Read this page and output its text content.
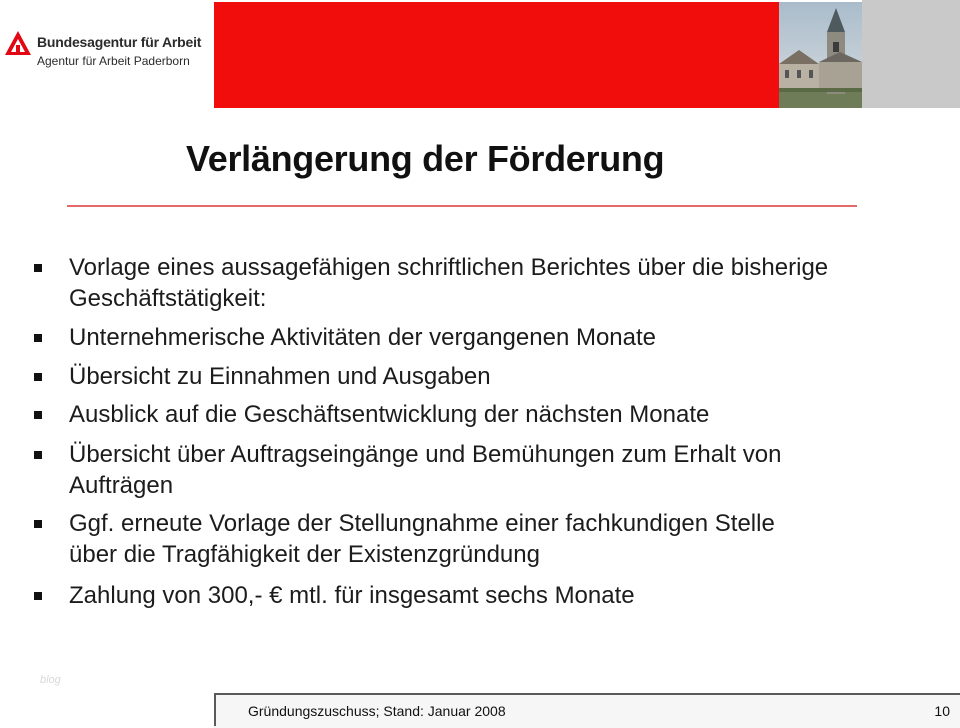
Bundesagentur für Arbeit
Agentur für Arbeit Paderborn
Verlängerung der Förderung
Vorlage eines aussagefähigen schriftlichen Berichtes über die bisherige
Geschäftstätigkeit:
Unternehmerische Aktivitäten der vergangenen Monate
Übersicht zu Einnahmen und Ausgaben
Ausblick auf die Geschäftsentwicklung der nächsten Monate
Übersicht über Auftragseingänge und Bemühungen zum Erhalt von
Aufträgen
Ggf. erneute Vorlage der Stellungnahme einer fachkundigen Stelle
über die Tragfähigkeit der Existenzgründung
Zahlung von 300,- € mtl. für insgesamt sechs Monate
blog
Gründungszuschuss; Stand: Januar 2008	10
